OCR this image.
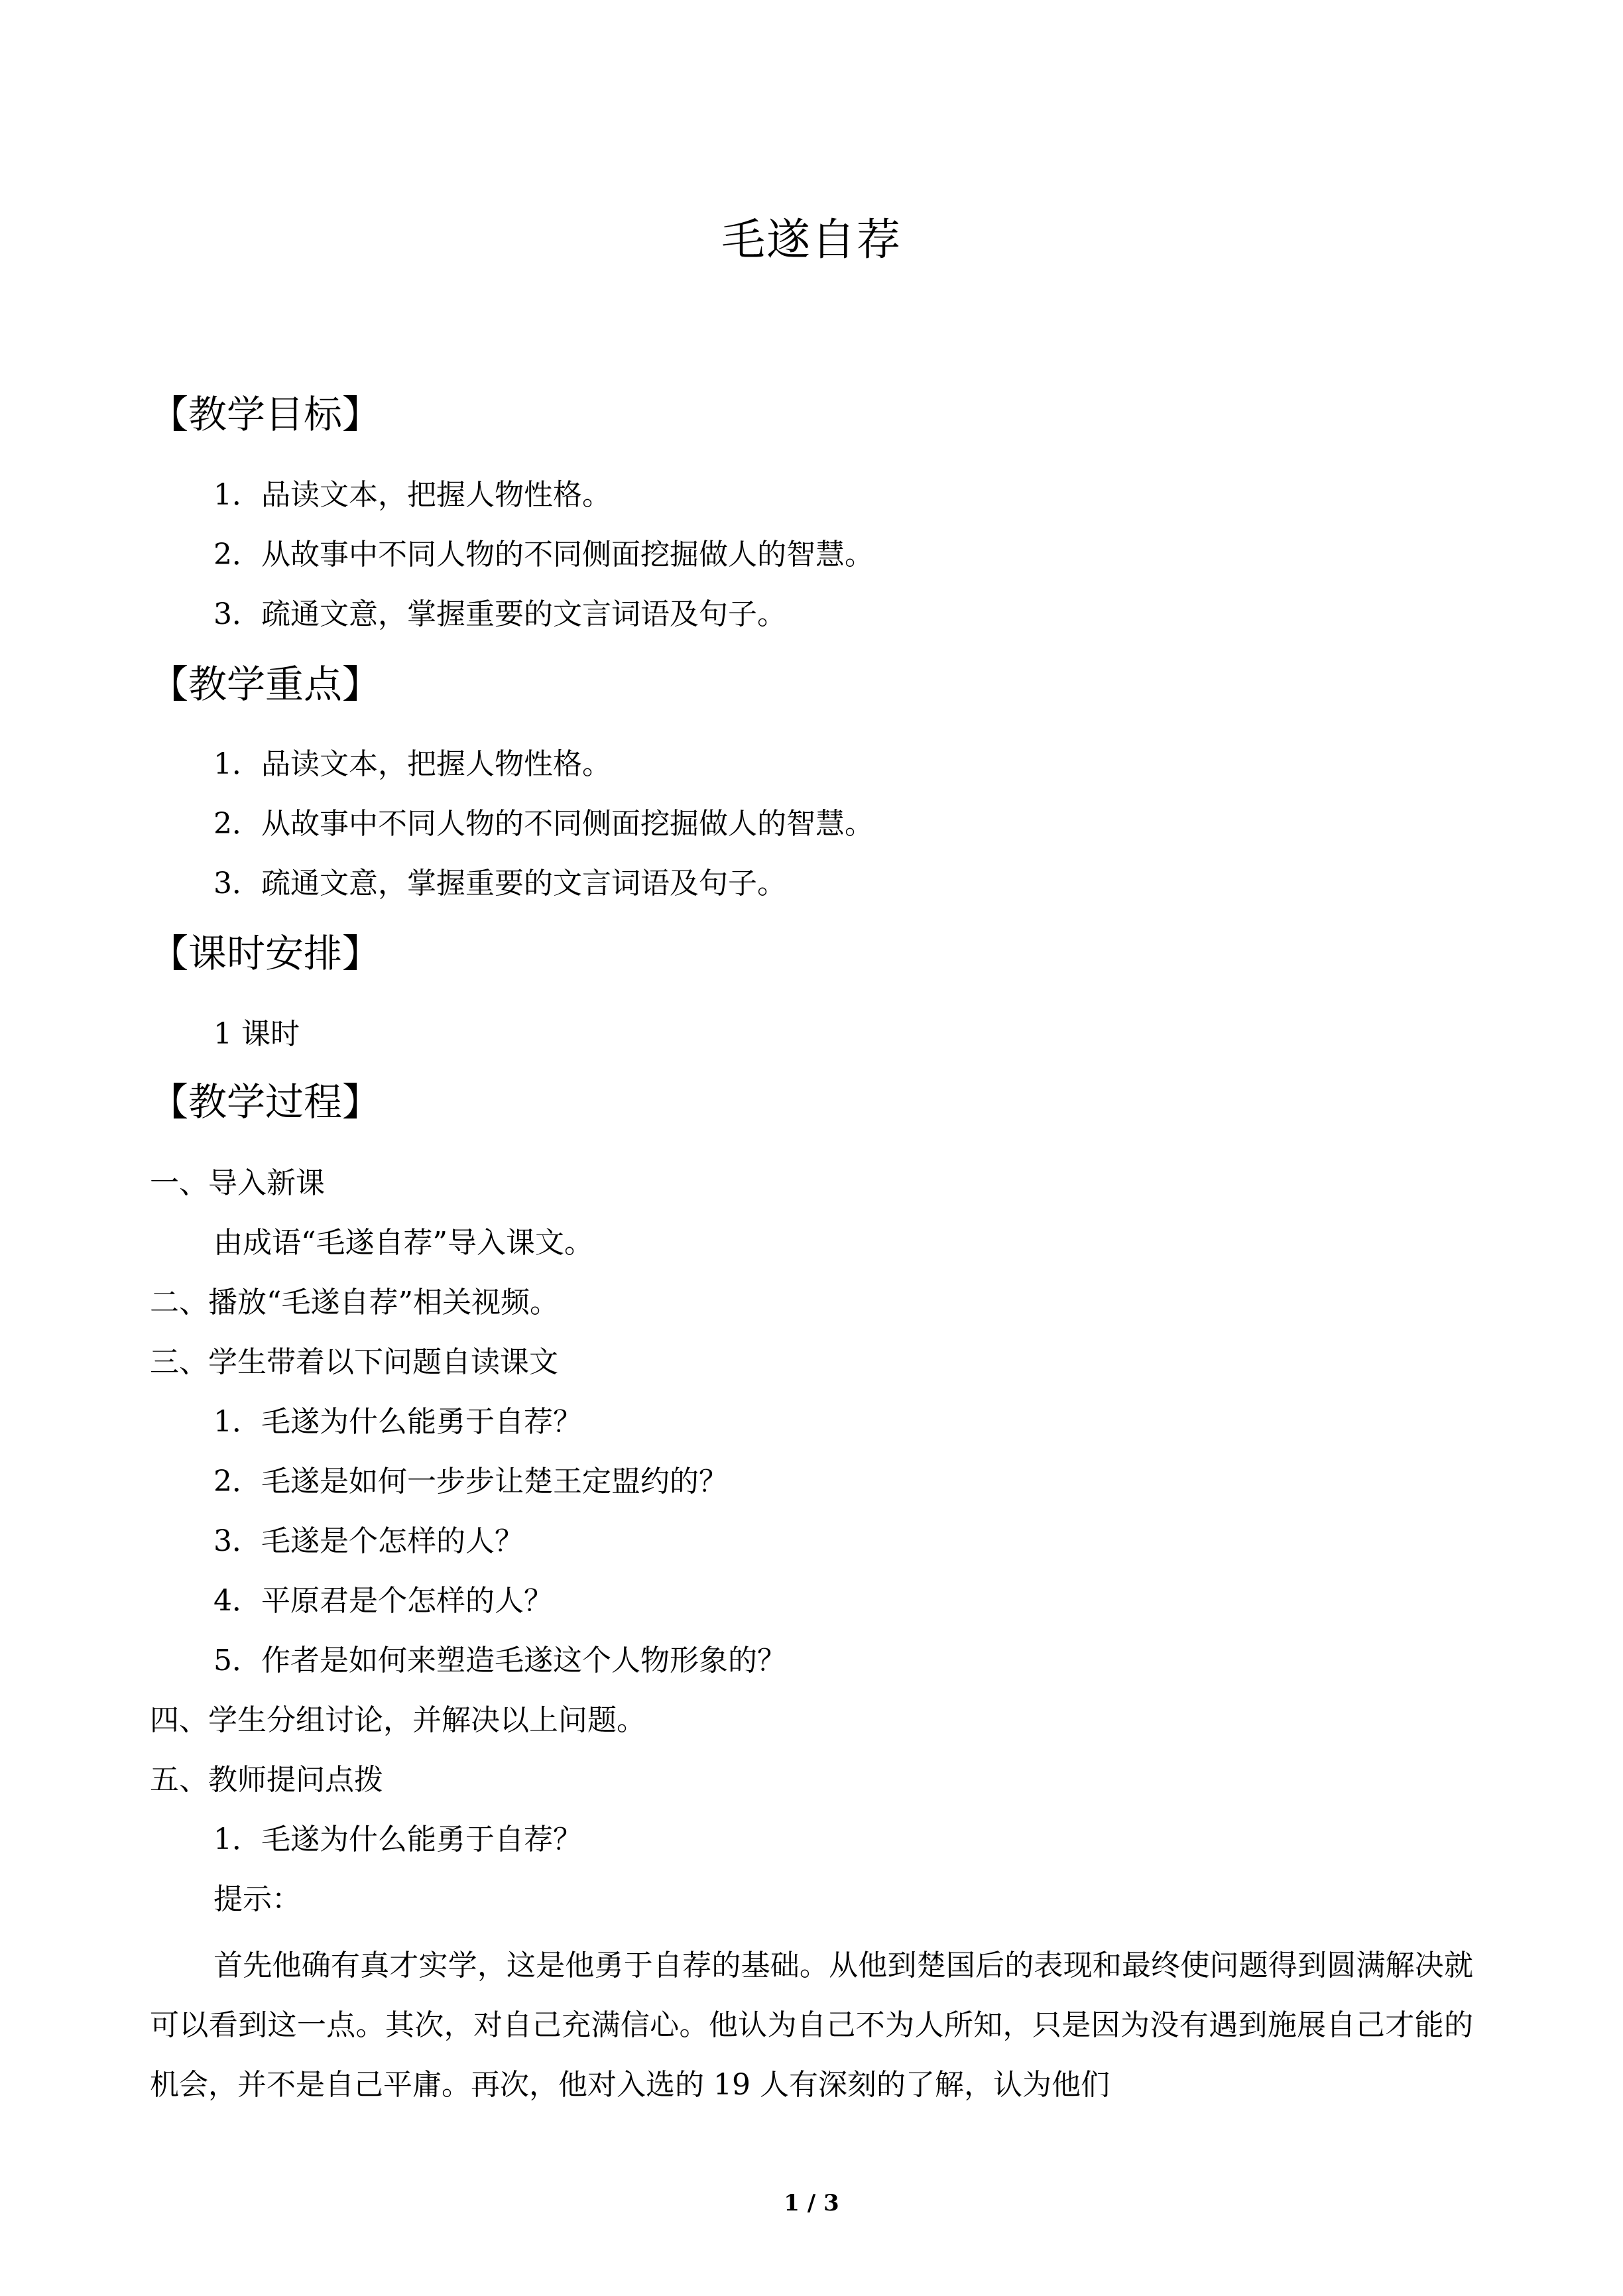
毛遂自荐
【教学目标】
1．品读文本，把握人物性格。
2．从故事中不同人物的不同侧面挖掘做人的智慧。
3．疏通文意，掌握重要的文言词语及句子。
【教学重点】
1．品读文本，把握人物性格。
2．从故事中不同人物的不同侧面挖掘做人的智慧。
3．疏通文意，掌握重要的文言词语及句子。
【课时安排】
1 课时
【教学过程】
一、导入新课
由成语“毛遂自荐”导入课文。
二、播放“毛遂自荐”相关视频。
三、学生带着以下问题自读课文
1．毛遂为什么能勇于自荐？
2．毛遂是如何一步步让楚王定盟约的？
3．毛遂是个怎样的人？
4．平原君是个怎样的人？
5．作者是如何来塑造毛遂这个人物形象的？
四、学生分组讨论，并解决以上问题。
五、教师提问点拨
1．毛遂为什么能勇于自荐？
提示：
首先他确有真才实学，这是他勇于自荐的基础。从他到楚国后的表现和最终使问题得到圆满解决就可以看到这一点。其次，对自己充满信心。他认为自己不为人所知，只是因为没有遇到施展自己才能的机会，并不是自己平庸。再次，他对入选的 19 人有深刻的了解，认为他们
1 / 3
